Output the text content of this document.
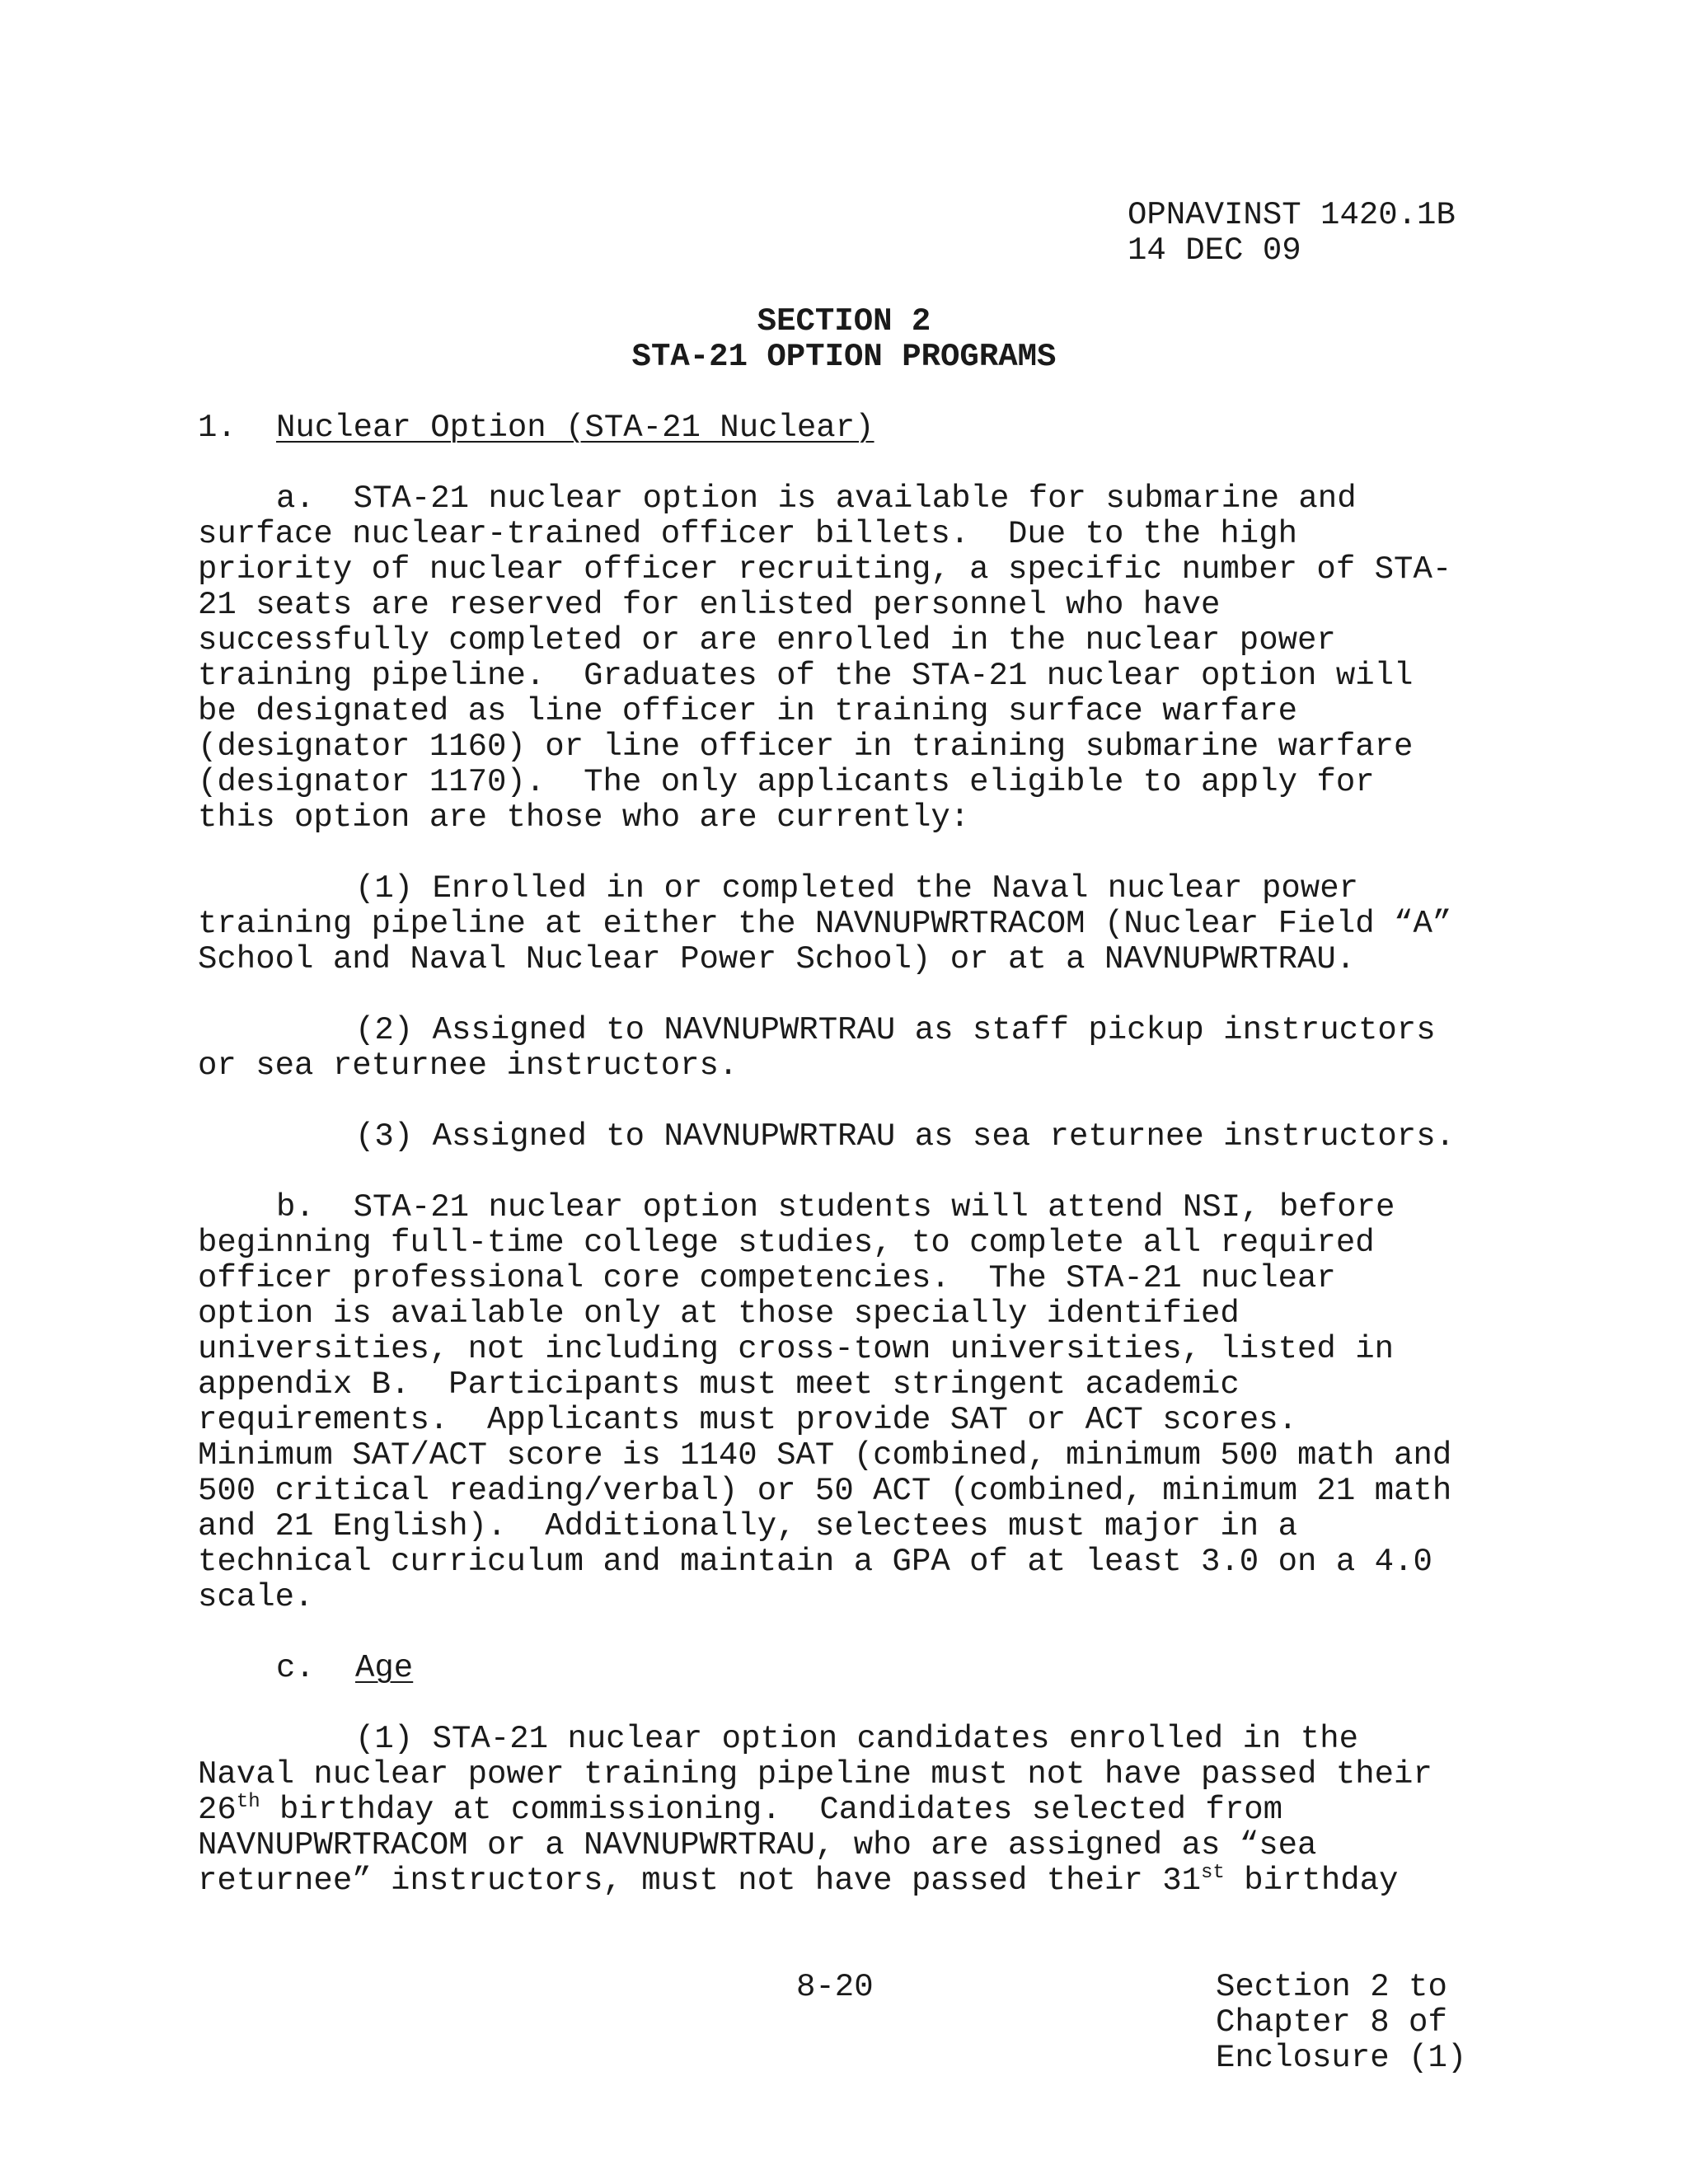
OPNAVINST 1420.1B
14 DEC 09
SECTION 2
STA-21 OPTION PROGRAMS
1. Nuclear Option (STA-21 Nuclear)
a.  STA-21 nuclear option is available for submarine and
surface nuclear-trained officer billets.  Due to the high
priority of nuclear officer recruiting, a specific number of STA-
21 seats are reserved for enlisted personnel who have
successfully completed or are enrolled in the nuclear power
training pipeline.  Graduates of the STA-21 nuclear option will
be designated as line officer in training surface warfare
(designator 1160) or line officer in training submarine warfare
(designator 1170).  The only applicants eligible to apply for
this option are those who are currently:
(1) Enrolled in or completed the Naval nuclear power
training pipeline at either the NAVNUPWRTRACOM (Nuclear Field “A”
School and Naval Nuclear Power School) or at a NAVNUPWRTRAU.
(2) Assigned to NAVNUPWRTRAU as staff pickup instructors
or sea returnee instructors.
(3) Assigned to NAVNUPWRTRAU as sea returnee instructors.
b.  STA-21 nuclear option students will attend NSI, before
beginning full-time college studies, to complete all required
officer professional core competencies.  The STA-21 nuclear
option is available only at those specially identified
universities, not including cross-town universities, listed in
appendix B.  Participants must meet stringent academic
requirements.  Applicants must provide SAT or ACT scores.
Minimum SAT/ACT score is 1140 SAT (combined, minimum 500 math and
500 critical reading/verbal) or 50 ACT (combined, minimum 21 math
and 21 English).  Additionally, selectees must major in a
technical curriculum and maintain a GPA of at least 3.0 on a 4.0
scale.
c. Age
(1) STA-21 nuclear option candidates enrolled in the
Naval nuclear power training pipeline must not have passed their
26th birthday at commissioning.  Candidates selected from
NAVNUPWRTRACOM or a NAVNUPWRTRAU, who are assigned as “sea
returnee” instructors, must not have passed their 31st birthday
8-20	Section 2 to
Chapter 8 of
Enclosure (1)
